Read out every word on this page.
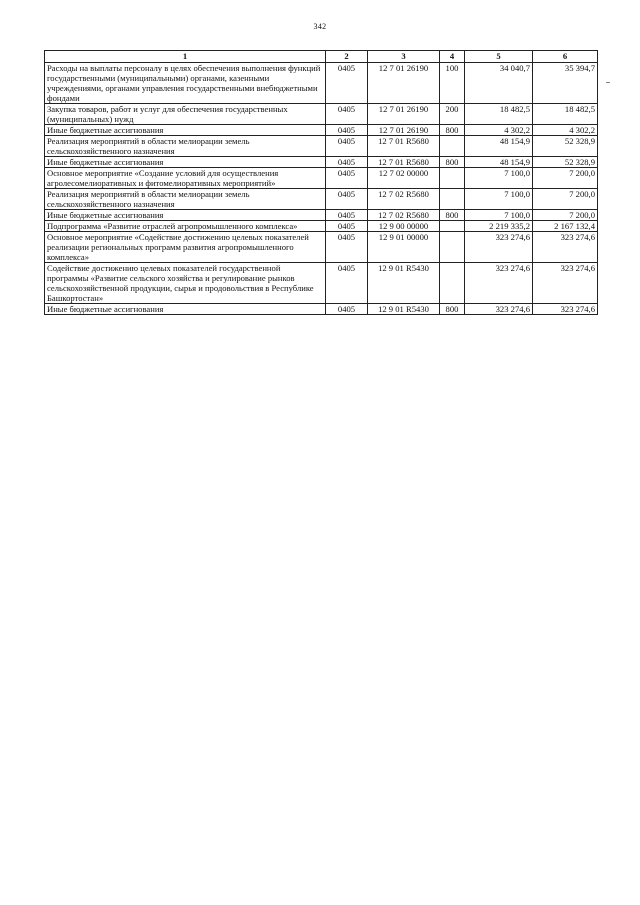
342
1	2	3	4	5	6
Расходы на выплаты персоналу в целях обеспечения выполнения функций государственными (муниципальными) органами, казенными учреждениями, органами управления государственными внебюджетными фондами	0405	12 7 01 26190	100	34 040,7	35 394,7
Закупка товаров, работ и услуг для обеспечения государственных (муниципальных) нужд	0405	12 7 01 26190	200	18 482,5	18 482,5
Иные бюджетные ассигнования	0405	12 7 01 26190	800	4 302,2	4 302,2
Реализация мероприятий в области мелиорации земель сельскохозяйственного назначения	0405	12 7 01 R5680		48 154,9	52 328,9
Иные бюджетные ассигнования	0405	12 7 01 R5680	800	48 154,9	52 328,9
Основное мероприятие «Создание условий для осуществления агролесомелиоративных и фитомелиоративных мероприятий»	0405	12 7 02 00000		7 100,0	7 200,0
Реализация мероприятий в области мелиорации земель сельскохозяйственного назначения	0405	12 7 02 R5680		7 100,0	7 200,0
Иные бюджетные ассигнования	0405	12 7 02 R5680	800	7 100,0	7 200,0
Подпрограмма «Развитие отраслей агропромышленного комплекса»	0405	12 9 00 00000		2 219 335,2	2 167 132,4
Основное мероприятие «Содействие достижению целевых показателей реализации региональных программ развития агропромышленного комплекса»	0405	12 9 01 00000		323 274,6	323 274,6
Содействие достижению целевых показателей государственной программы «Развитие сельского хозяйства и регулирование рынков сельскохозяйственной продукции, сырья и продовольствия в Республике Башкортостан»	0405	12 9 01 R5430		323 274,6	323 274,6
Иные бюджетные ассигнования	0405	12 9 01 R5430	800	323 274,6	323 274,6
